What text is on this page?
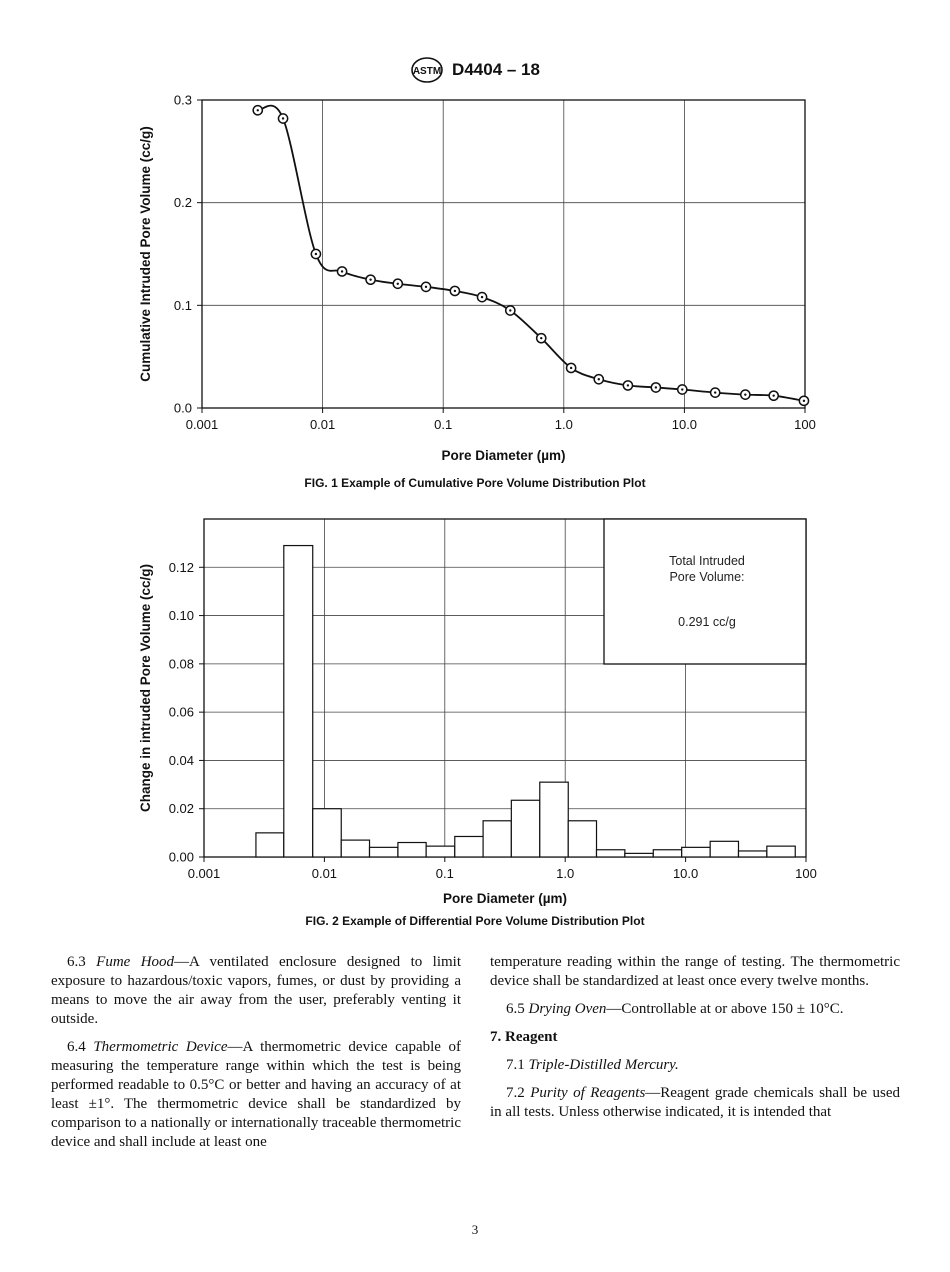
ASTM D4404 – 18
0.001	0.01	0.1	1.0	10.0	100
0.0
0.1
0.2
0.3
Pore Diameter (µm)
Cumulative Intruded Pore Volume (cc/g)
FIG. 1 Example of Cumulative Pore Volume Distribution Plot
0.001	0.01	0.1	1.0	10.0	100
0.00
0.02
0.04
0.06
0.08
0.10
0.12
Pore Diameter (µm)
Change in intruded Pore Volume (cc/g)
Total Intruded
Pore Volume:
0.291 cc/g
FIG. 2 Example of Differential Pore Volume Distribution Plot

6.3 Fume Hood—A ventilated enclosure designed to limit exposure to hazardous/toxic vapors, fumes, or dust by providing a means to move the air away from the user, preferably venting it outside.

6.4 Thermometric Device—A thermometric device capable of measuring the temperature range within which the test is being performed readable to 0.5°C or better and having an accuracy of at least ±1°. The thermometric device shall be standardized by comparison to a nationally or internationally traceable thermometric device and shall include at least one

temperature reading within the range of testing. The thermometric device shall be standardized at least once every twelve months.

6.5 Drying Oven—Controllable at or above 150 ± 10°C.

7. Reagent

7.1 Triple-Distilled Mercury.

7.2 Purity of Reagents—Reagent grade chemicals shall be used in all tests. Unless otherwise indicated, it is intended that

3
